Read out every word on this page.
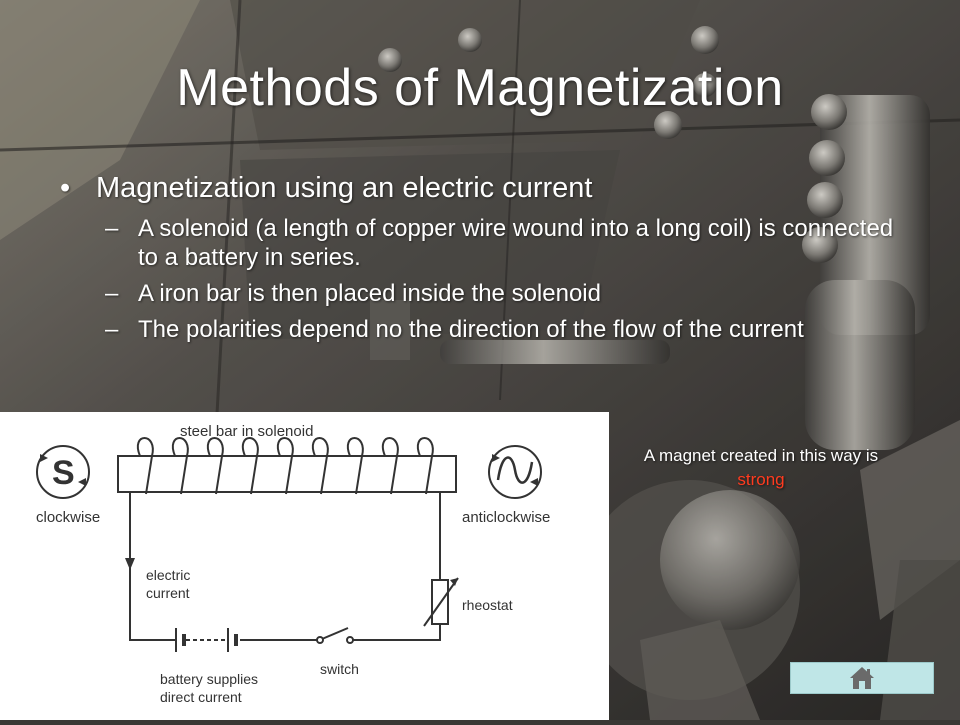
Methods of Magnetization
• Magnetization using an electric current
– A solenoid (a length of copper wire wound into a long coil) is connected to a battery in series.
– A iron bar is then placed inside the solenoid
– The polarities depend no the direction of the flow of the current
steel bar in solenoid
S
clockwise	anticlockwise
electric
current
rheostat
battery supplies
direct current
switch
A magnet created in this way is strong
